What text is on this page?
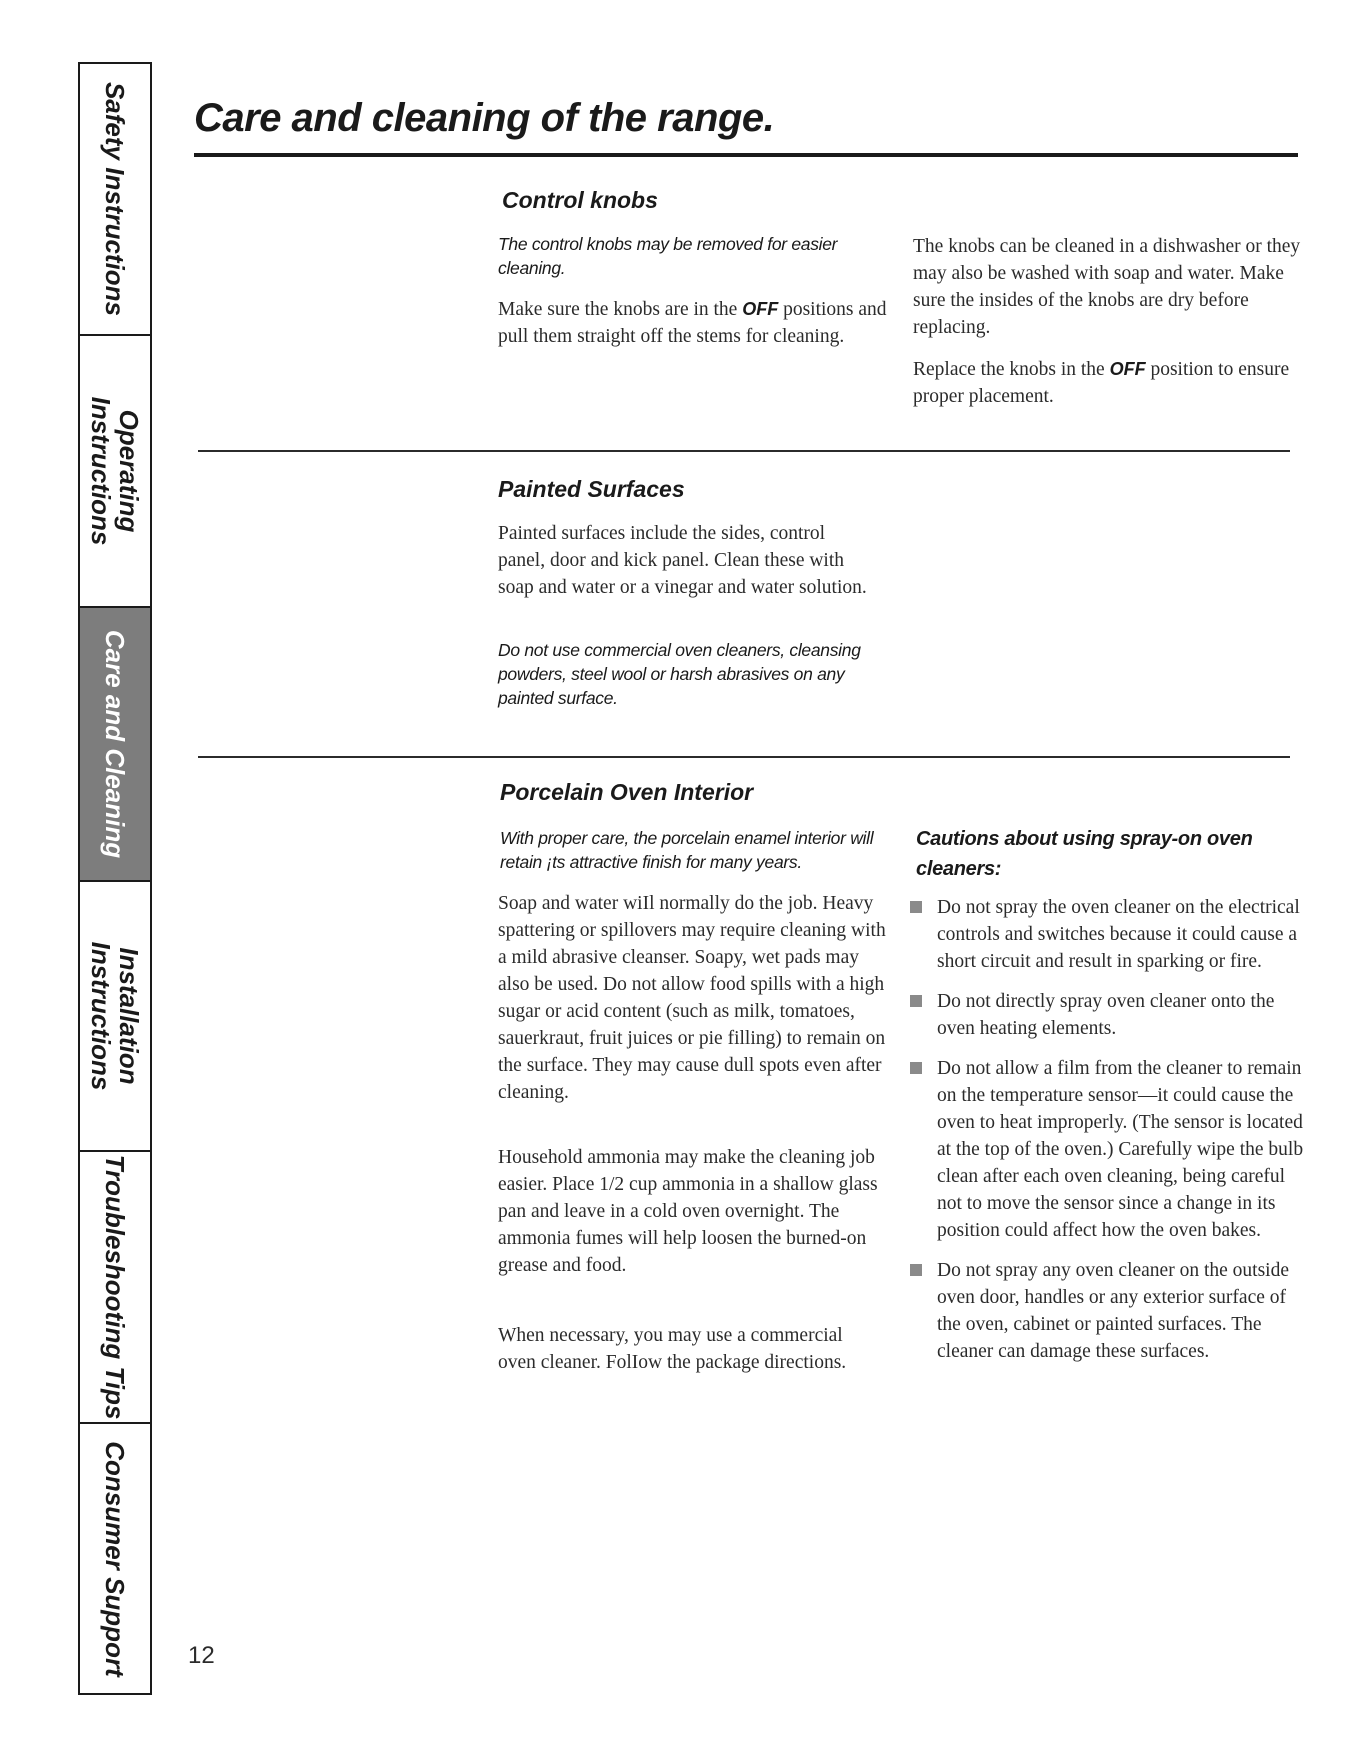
Safety Instructions
Operating Instructions
Care and Cleaning
Installation Instructions
Troubleshooting Tips
Consumer Support
Care and cleaning of the range.
Control knobs

The control knobs may be removed for easier cleaning.

Make sure the knobs are in the OFF positions and pull them straight off the stems for cleaning.

The knobs can be cleaned in a dishwasher or they may also be washed with soap and water. Make sure the insides of the knobs are dry before replacing.

Replace the knobs in the OFF position to ensure proper placement.

Painted Surfaces

Painted surfaces include the sides, control panel, door and kick panel. Clean these with soap and water or a vinegar and water solution.

Do not use commercial oven cleaners, cleansing powders, steel wool or harsh abrasives on any painted surface.

Porcelain Oven Interior

With proper care, the porcelain enamel interior will retain ¡ts attractive finish for many years.

Soap and water wiIl normally do the job. Heavy spattering or spillovers may require cleaning with a mild abrasive cleanser. Soapy, wet pads may also be used. Do not allow food spills with a high sugar or acid content (such as milk, tomatoes, sauerkraut, fruit juices or pie filling) to remain on the surface. They may cause dull spots even after cleaning.

Household ammonia may make the cleaning job easier. Place 1/2 cup ammonia in a shallow glass pan and leave in a cold oven overnight. The ammonia fumes will help loosen the burned-on grease and food.

When necessary, you may use a commercial oven cleaner. FolIow the package directions.

Cautions about using spray-on oven cleaners:

Do not spray the oven cleaner on the electrical controls and switches because it could cause a short circuit and result in sparking or fire.
Do not directly spray oven cleaner onto the oven heating elements.
Do not allow a film from the cleaner to remain on the temperature sensor—it could cause the oven to heat improperly. (The sensor is located at the top of the oven.) Carefully wipe the bulb clean after each oven cleaning, being careful not to move the sensor since a change in its position could affect how the oven bakes.
Do not spray any oven cleaner on the outside oven door, handles or any exterior surface of the oven, cabinet or painted surfaces. The cleaner can damage these surfaces.

12
